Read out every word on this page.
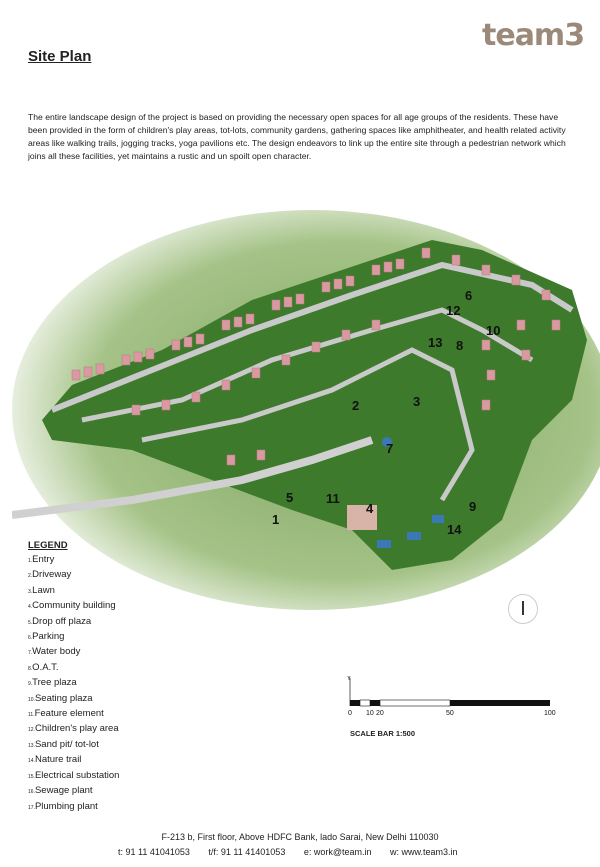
team3
Site Plan
The entire landscape design of the project is based on providing the necessary open spaces for all age groups of the residents. These have been provided in the form of children's play areas, tot-lots, community gardens, gathering spaces like amphitheater, and health related activity areas like walking trails, jogging tracks, yoga pavilions etc. The design endeavors to link up the entire site through a pedestrian network which joins all these facilities, yet maintains a rustic and un spoilt open character.
1
2	3
4
5
6
7
8
9
10
11
12
13
14
LEGEND
1.Entry
2.Driveway
3.Lawn
4.Community building
5.Drop off plaza
6.Parking
7.Water body
8.O.A.T.
9.Tree plaza
10.Seating plaza
11.Feature element
12.Children's play area
13.Sand pit/ tot-lot
14.Nature trail
15.Electrical substation
16.Sewage plant
17.Plumbing plant
Y
0 10 20	50	100
SCALE BAR 1:500
F-213 b, First floor, Above HDFC Bank, lado Sarai, New Delhi 110030
t: 91 11 41041053 t/f: 91 11 41401053 e: work@team.in w: www.team3.in
